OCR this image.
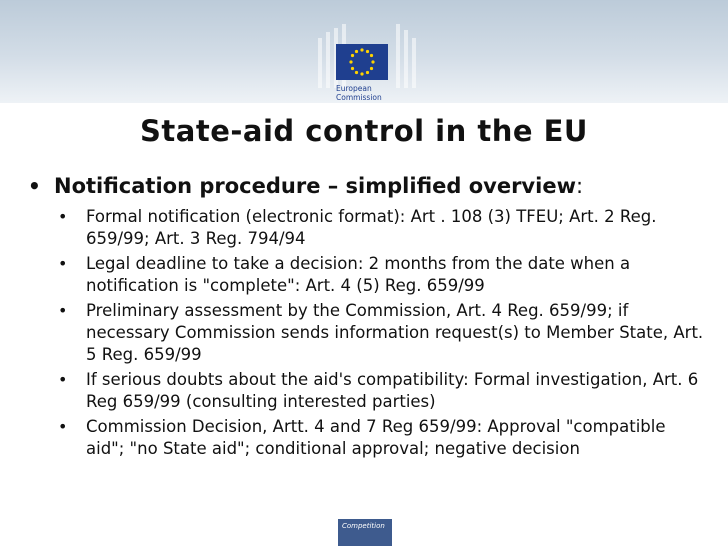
European
Commission
State-aid control in the EU
• Notification procedure – simplified overview:
•	Formal notification (electronic format): Art . 108 (3) TFEU; Art. 2 Reg. 659/99; Art. 3 Reg. 794/94
•	Legal deadline to take a decision: 2 months from the date when a notification is "complete": Art. 4 (5) Reg. 659/99
•	Preliminary assessment by the Commission, Art. 4 Reg. 659/99; if necessary Commission sends information request(s) to Member State, Art. 5 Reg. 659/99
•	If serious doubts about the aid's compatibility: Formal investigation, Art. 6 Reg 659/99 (consulting interested parties)
•	Commission Decision, Artt. 4 and 7 Reg 659/99: Approval "compatible aid"; "no State aid"; conditional approval; negative decision
Competition
